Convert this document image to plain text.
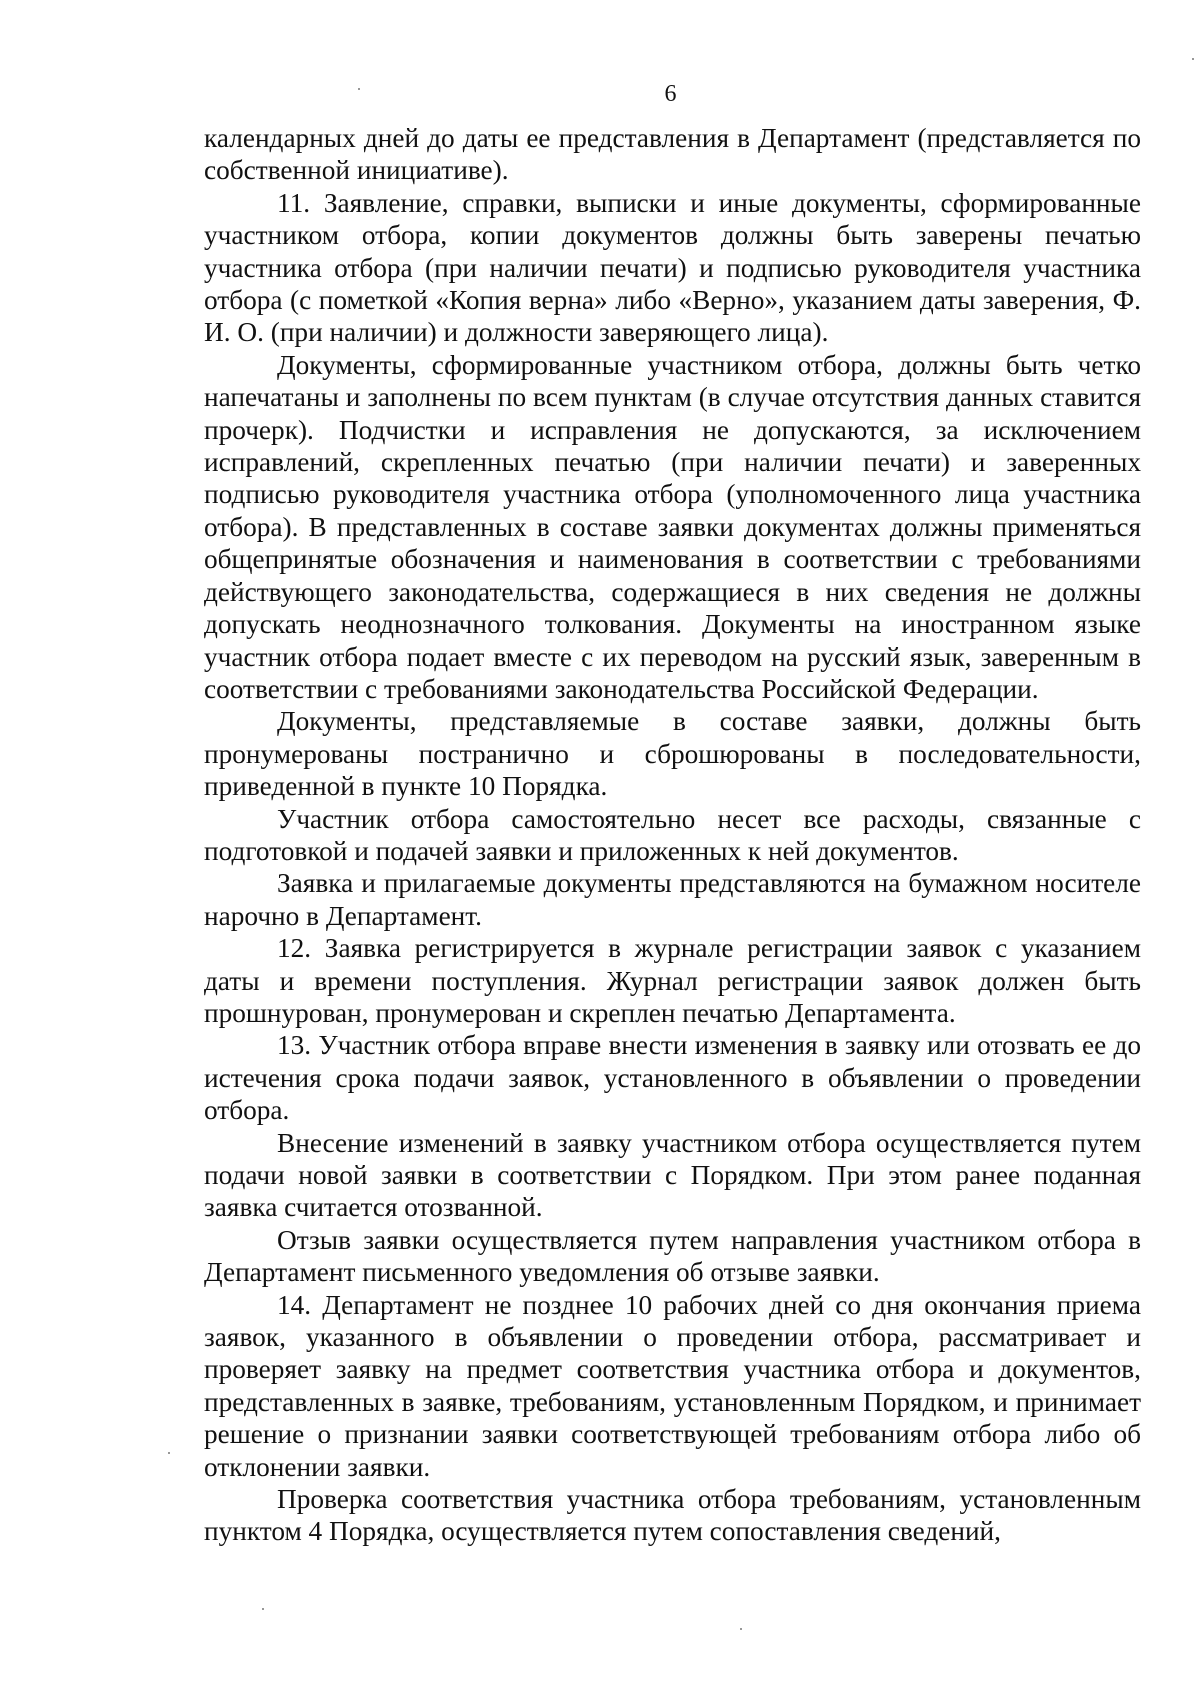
6

календарных дней до даты ее представления в Департамент (представляется по собственной инициативе).

11. Заявление, справки, выписки и иные документы, сформированные участником отбора, копии документов должны быть заверены печатью участника отбора (при наличии печати) и подписью руководителя участника отбора (с пометкой «Копия верна» либо «Верно», указанием даты заверения, Ф. И. О. (при наличии) и должности заверяющего лица).

Документы, сформированные участником отбора, должны быть четко напечатаны и заполнены по всем пунктам (в случае отсутствия данных ставится прочерк). Подчистки и исправления не допускаются, за исключением исправлений, скрепленных печатью (при наличии печати) и заверенных подписью руководителя участника отбора (уполномоченного лица участника отбора). В представленных в составе заявки документах должны применяться общепринятые обозначения и наименования в соответствии с требованиями действующего законодательства, содержащиеся в них сведения не должны допускать неоднозначного толкования. Документы на иностранном языке участник отбора подает вместе с их переводом на русский язык, заверенным в соответствии с требованиями законодательства Российской Федерации.

Документы, представляемые в составе заявки, должны быть пронумерованы постранично и сброшюрованы в последовательности, приведенной в пункте 10 Порядка.

Участник отбора самостоятельно несет все расходы, связанные с подготовкой и подачей заявки и приложенных к ней документов.

Заявка и прилагаемые документы представляются на бумажном носителе нарочно в Департамент.

12. Заявка регистрируется в журнале регистрации заявок с указанием даты и времени поступления. Журнал регистрации заявок должен быть прошнурован, пронумерован и скреплен печатью Департамента.

13. Участник отбора вправе внести изменения в заявку или отозвать ее до истечения срока подачи заявок, установленного в объявлении о проведении отбора.

Внесение изменений в заявку участником отбора осуществляется путем подачи новой заявки в соответствии с Порядком. При этом ранее поданная заявка считается отозванной.

Отзыв заявки осуществляется путем направления участником отбора в Департамент письменного уведомления об отзыве заявки.

14. Департамент не позднее 10 рабочих дней со дня окончания приема заявок, указанного в объявлении о проведении отбора, рассматривает и проверяет заявку на предмет соответствия участника отбора и документов, представленных в заявке, требованиям, установленным Порядком, и принимает решение о признании заявки соответствующей требованиям отбора либо об отклонении заявки.

Проверка соответствия участника отбора требованиям, установленным пунктом 4 Порядка, осуществляется путем сопоставления сведений,
